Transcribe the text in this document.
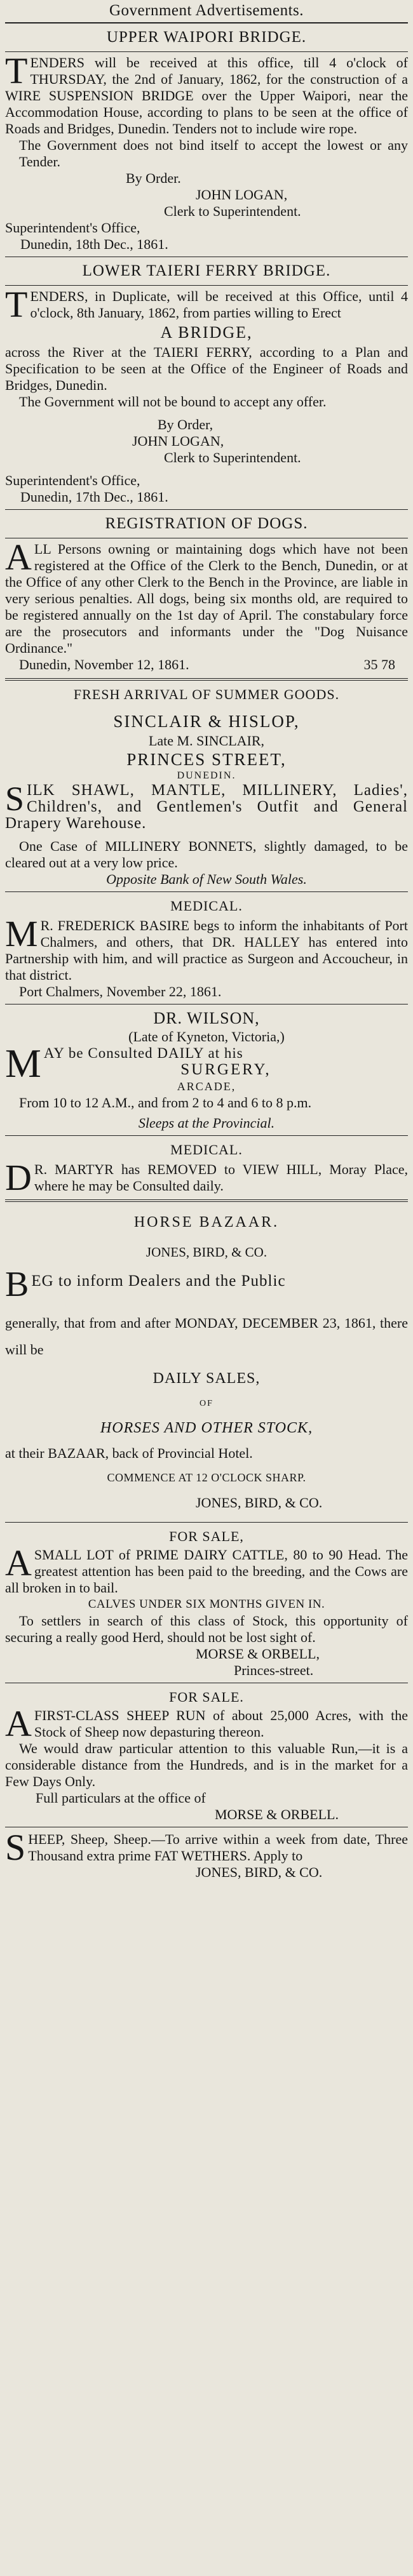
Government Advertisements.
UPPER WAIPORI BRIDGE.

TENDERS will be received at this office, till 4 o'clock of THURSDAY, the 2nd of January, 1862, for the construction of a WIRE SUSPENSION BRIDGE over the Upper Waipori, near the Accommodation House, according to plans to be seen at the office of Roads and Bridges, Dunedin. Tenders not to include wire rope.

The Government does not bind itself to accept the lowest or any Tender.

By Order.
JOHN LOGAN,
Clerk to Superintendent.
Superintendent's Office,
Dunedin, 18th Dec., 1861.
LOWER TAIERI FERRY BRIDGE.

TENDERS, in Duplicate, will be received at this Office, until 4 o'clock, 8th January, 1862, from parties willing to Erect

A BRIDGE,

across the River at the TAIERI FERRY, according to a Plan and Specification to be seen at the Office of the Engineer of Roads and Bridges, Dunedin.

The Government will not be bound to accept any offer.

By Order,
JOHN LOGAN,
Clerk to Superintendent.
Superintendent's Office,
Dunedin, 17th Dec., 1861.
REGISTRATION OF DOGS.

ALL Persons owning or maintaining dogs which have not been registered at the Office of the Clerk to the Bench, Dunedin, or at the Office of any other Clerk to the Bench in the Province, are liable in very serious penalties. All dogs, being six months old, are required to be registered annually on the 1st day of April. The constabulary force are the prosecutors and informants under the "Dog Nuisance Ordinance."

Dunedin, November 12, 1861.	35 78
FRESH ARRIVAL OF SUMMER GOODS.
SINCLAIR & HISLOP,
Late M. SINCLAIR,
PRINCES STREET,
DUNEDIN.

SILK SHAWL, MANTLE, MILLINERY, Ladies', Children's, and Gentlemen's Outfit and General Drapery Warehouse.

One Case of MILLINERY BONNETS, slightly damaged, to be cleared out at a very low price.

Opposite Bank of New South Wales.
MEDICAL.

M R. FREDERICK BASIRE begs to inform the inhabitants of Port Chalmers, and others, that DR. HALLEY has entered into Partnership with him, and will practice as Surgeon and Accoucheur, in that district.

Port Chalmers, November 22, 1861.
DR. WILSON,
(Late of Kyneton, Victoria,)
M AY be Consulted DAILY at his
SURGERY,
ARCADE,

From 10 to 12 A.M., and from 2 to 4 and 6 to 8 p.m.

Sleeps at the Provincial.
MEDICAL.

D R. MARTYR has REMOVED to VIEW HILL, Moray Place, where he may be Consulted daily.

HORSE BAZAAR.
JONES, BIRD, & CO.
B EG to inform Dealers and the Public

generally, that from and after MONDAY, DECEMBER 23, 1861, there will be

DAILY SALES,
OF
HORSES AND OTHER STOCK,
at their BAZAAR, back of Provincial Hotel.
COMMENCE AT 12 O'CLOCK SHARP.
JONES, BIRD, & CO.
FOR SALE,

ASMALL LOT of PRIME DAIRY CATTLE, 80 to 90 Head. The greatest attention has been paid to the breeding, and the Cows are all broken in to bail.

CALVES UNDER SIX MONTHS GIVEN IN.

To settlers in search of this class of Stock, this opportunity of securing a really good Herd, should not be lost sight of.

MORSE & ORBELL,
Princes-street.
FOR SALE.

AFIRST-CLASS SHEEP RUN of about 25,000 Acres, with the Stock of Sheep now depasturing thereon.

We would draw particular attention to this valuable Run,—it is a considerable distance from the Hundreds, and is in the market for a Few Days Only.

Full particulars at the office of
MORSE & ORBELL.

SHEEP, Sheep, Sheep.—To arrive within a week from date, Three Thousand extra prime FAT WETHERS. Apply to

JONES, BIRD, & CO.
